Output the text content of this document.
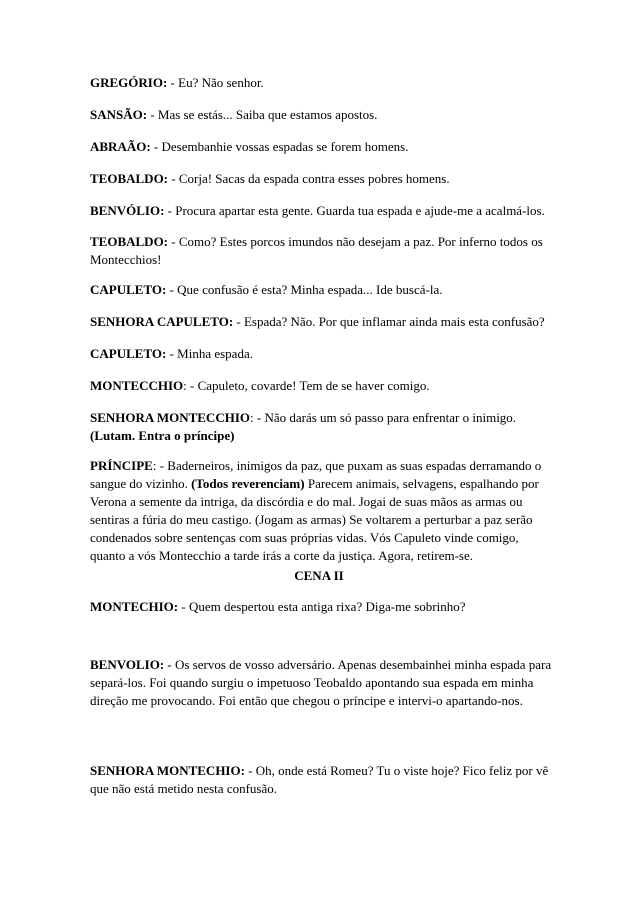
GREGÓRIO: - Eu? Não senhor.

SANSÃO: - Mas se estás... Saiba que estamos apostos.

ABRAÃO: - Desembanhie vossas espadas se forem homens.

TEOBALDO: - Corja! Sacas da espada contra esses pobres homens.

BENVÓLIO: - Procura apartar esta gente. Guarda tua espada e ajude-me a acalmá-los.

TEOBALDO: - Como? Estes porcos imundos não desejam a paz. Por inferno todos os Montecchios!

CAPULETO: - Que confusão é esta? Minha espada... Ide buscá-la.

SENHORA CAPULETO: - Espada? Não. Por que inflamar ainda mais esta confusão?

CAPULETO: - Minha espada.

MONTECCHIO: - Capuleto, covarde! Tem de se haver comigo.

SENHORA MONTECCHIO: - Não darás um só passo para enfrentar o inimigo.
(Lutam. Entra o príncipe)

PRÍNCIPE: - Baderneiros, inimigos da paz, que puxam as suas espadas derramando o sangue do vizinho. (Todos reverenciam) Parecem animais, selvagens, espalhando por Verona a semente da intriga, da discórdia e do mal. Jogai de suas mãos as armas ou sentiras a fúria do meu castigo. (Jogam as armas) Se voltarem a perturbar a paz serão condenados sobre sentenças com suas próprias vidas. Vós Capuleto vinde comigo, quanto a vós Montecchio a tarde irás a corte da justiça. Agora, retirem-se.

CENA II

MONTECHIO: - Quem despertou esta antiga rixa? Diga-me sobrinho?

BENVOLIO: - Os servos de vosso adversário. Apenas desembainhei minha espada para separá-los. Foi quando surgiu o impetuoso Teobaldo apontando sua espada em minha direção me provocando. Foi então que chegou o príncipe e intervi-o apartando-nos.

SENHORA MONTECHIO: - Oh, onde está Romeu? Tu o viste hoje? Fico feliz por vê que não está metido nesta confusão.
